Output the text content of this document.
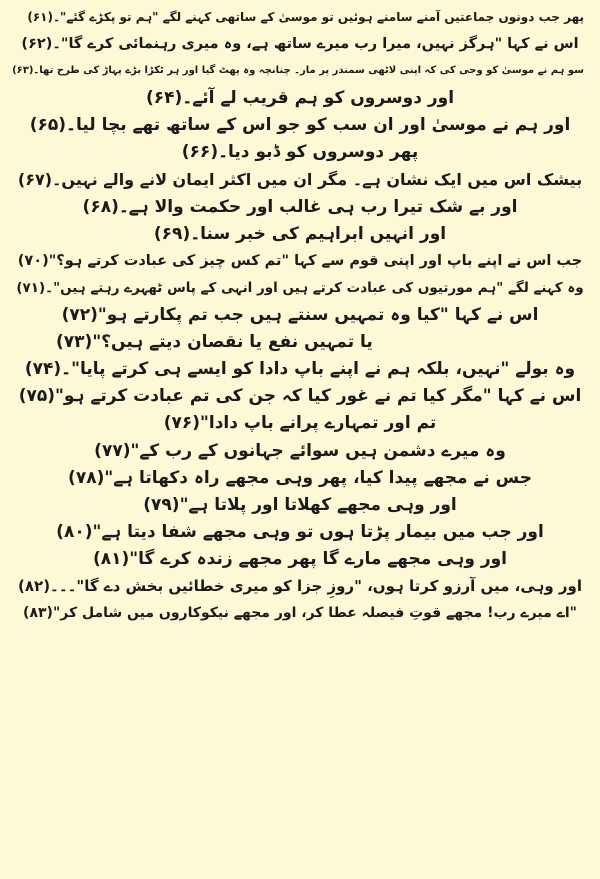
پھر جب دونوں جماعتیں آمنے سامنے ہوئیں تو موسیٰ کے ساتھی کہنے لگے "ہم تو پکڑے گئے"۔(۶۱)
اس نے کہا "ہرگز نہیں، میرا رب میرے ساتھ ہے، وہ میری رہنمائی کرے گا"۔(۶۲)
سو ہم نے موسیٰ کو وحی کی کہ اپنی لاٹھی سمندر پر مار۔ چنانچہ وہ پھٹ گیا اور ہر ٹکڑا بڑے پہاڑ کی طرح تھا۔(۶۳)
اور دوسروں کو ہم قریب لے آئے۔(۶۴)
اور ہم نے موسیٰ اور ان سب کو جو اس کے ساتھ تھے بچا لیا۔(۶۵)
پھر دوسروں کو ڈبو دیا۔(۶۶)
بیشک اس میں ایک نشان ہے۔ مگر ان میں اکثر ایمان لانے والے نہیں۔(۶۷)
اور بے شک تیرا رب ہی غالب اور حکمت والا ہے۔(۶۸)
اور انہیں ابراہیم کی خبر سنا۔(۶۹)
جب اس نے اپنے باپ اور اپنی قوم سے کہا "تم کس چیز کی عبادت کرتے ہو؟"(۷۰)
وہ کہنے لگے "ہم مورتیوں کی عبادت کرتے ہیں اور انہی کے پاس ٹھہرے رہتے ہیں"۔(۷۱)
اس نے کہا "کیا وہ تمہیں سنتے ہیں جب تم پکارتے ہو"(۷۲)
یا تمہیں نفع یا نقصان دیتے ہیں؟"(۷۳)
وہ بولے "نہیں، بلکہ ہم نے اپنے باپ دادا کو ایسے ہی کرتے پایا"۔(۷۴)
اس نے کہا "مگر کیا تم نے غور کیا کہ جن کی تم عبادت کرتے ہو"(۷۵)
تم اور تمہارے پرانے باپ دادا"(۷۶)
وہ میرے دشمن ہیں سوائے جہانوں کے رب کے"(۷۷)
جس نے مجھے پیدا کیا، پھر وہی مجھے راہ دکھاتا ہے"(۷۸)
اور وہی مجھے کھلاتا اور پلاتا ہے"(۷۹)
اور جب میں بیمار پڑتا ہوں تو وہی مجھے شفا دیتا ہے"(۸۰)
اور وہی مجھے مارے گا پھر مجھے زندہ کرے گا"(۸۱)
اور وہی، میں آرزو کرتا ہوں، "روزِ جزا کو میری خطائیں بخش دے گا"۔۔۔(۸۲)
"اے میرے رب! مجھے قوتِ فیصلہ عطا کر، اور مجھے نیکوکاروں میں شامل کر"(۸۳)
